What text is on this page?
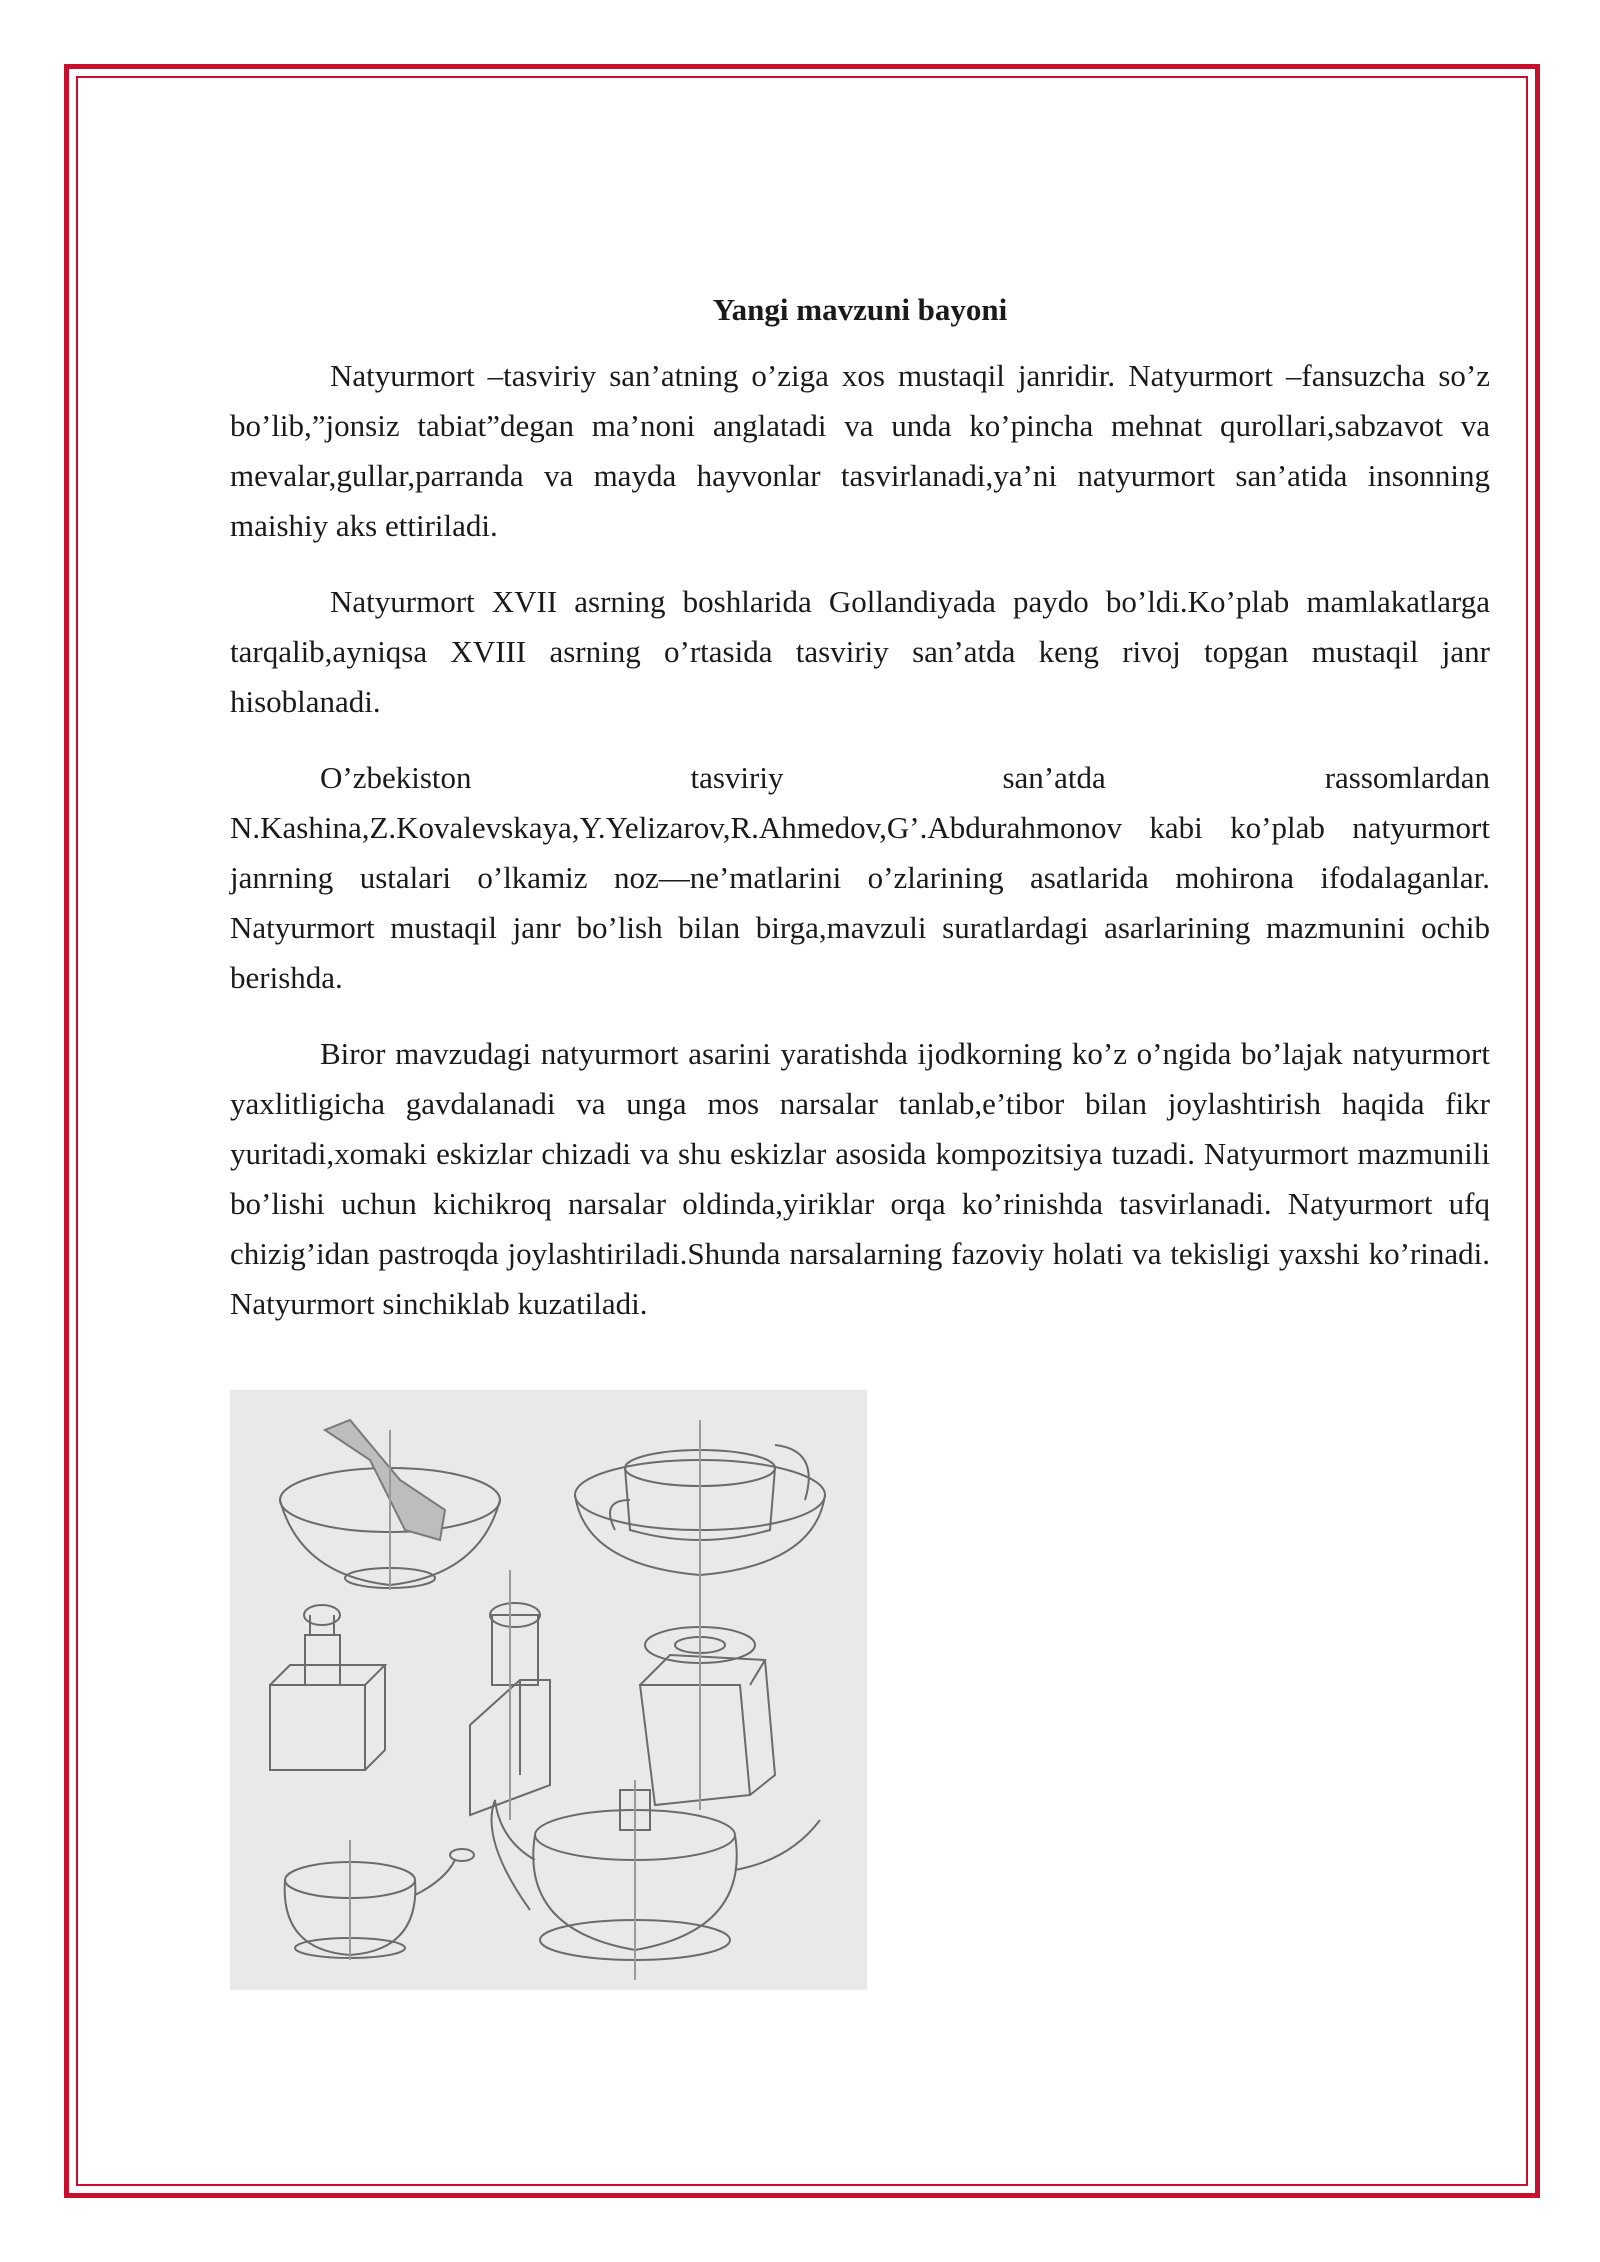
Yangi mavzuni bayoni

Natyurmort –tasviriy san’atning o’ziga xos mustaqil janridir. Natyurmort –fansuzcha so’z bo’lib,”jonsiz tabiat”degan ma’noni anglatadi va unda ko’pincha mehnat qurollari,sabzavot va mevalar,gullar,parranda va mayda hayvonlar tasvirlanadi,ya’ni natyurmort san’atida insonning maishiy aks ettiriladi.

Natyurmort XVII asrning boshlarida Gollandiyada paydo bo’ldi.Ko’plab mamlakatlarga tarqalib,ayniqsa XVIII asrning o’rtasida tasviriy san’atda keng rivoj topgan mustaqil janr hisoblanadi.

O’zbekiston tasviriy san’atda rassomlardan N.Kashina,Z.Kovalevskaya,Y.Yelizarov,R.Ahmedov,G’.Abdurahmonov kabi ko’plab natyurmort janrning ustalari o’lkamiz noz—ne’matlarini o’zlarining asatlarida mohirona ifodalaganlar. Natyurmort mustaqil janr bo’lish bilan birga,mavzuli suratlardagi asarlarining mazmunini ochib berishda.

Biror mavzudagi natyurmort asarini yaratishda ijodkorning ko’z o’ngida bo’lajak natyurmort yaxlitligicha gavdalanadi va unga mos narsalar tanlab,e’tibor bilan joylashtirish haqida fikr yuritadi,xomaki eskizlar chizadi va shu eskizlar asosida kompozitsiya tuzadi. Natyurmort mazmunili bo’lishi uchun kichikroq narsalar oldinda,yiriklar orqa ko’rinishda tasvirlanadi. Natyurmort ufq chizig’idan pastroqda joylashtiriladi.Shunda narsalarning fazoviy holati va tekisligi yaxshi ko’rinadi. Natyurmort sinchiklab kuzatiladi.
